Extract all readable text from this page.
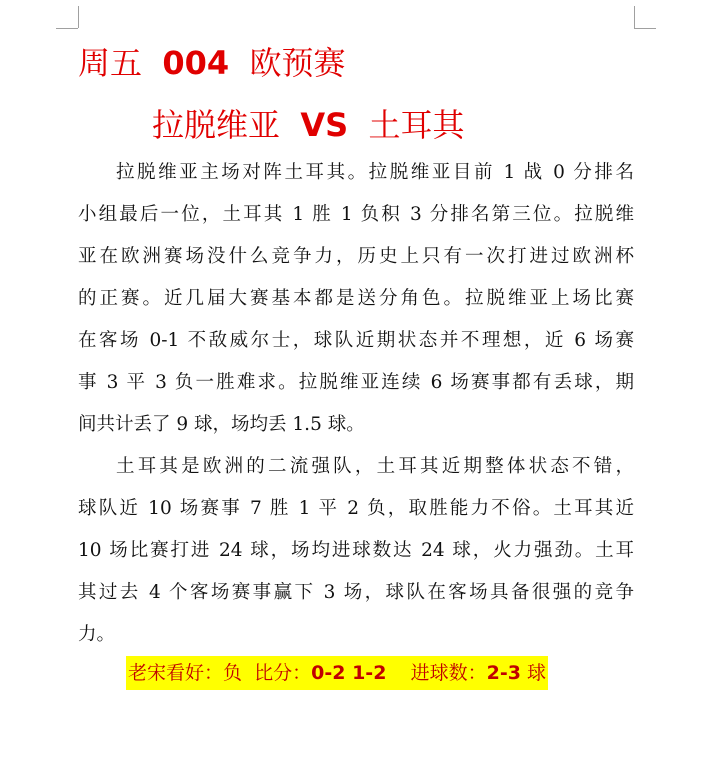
周五 004 欧预赛
拉脱维亚 VS 土耳其
拉脱维亚主场对阵土耳其。拉脱维亚目前 1 战 0 分排名
小组最后一位，土耳其 1 胜 1 负积 3 分排名第三位。拉脱维
亚在欧洲赛场没什么竞争力，历史上只有一次打进过欧洲杯
的正赛。近几届大赛基本都是送分角色。拉脱维亚上场比赛
在客场 0-1 不敌威尔士，球队近期状态并不理想，近 6 场赛
事 3 平 3 负一胜难求。拉脱维亚连续 6 场赛事都有丢球，期
间共计丢了 9 球，场均丢 1.5 球。
土耳其是欧洲的二流强队，土耳其近期整体状态不错，
球队近 10 场赛事 7 胜 1 平 2 负，取胜能力不俗。土耳其近
10 场比赛打进 24 球，场均进球数达 24 球，火力强劲。土耳
其过去 4 个客场赛事赢下 3 场，球队在客场具备很强的竞争
力。
老宋看好：负 比分：0-2 1-2 进球数：2-3 球
